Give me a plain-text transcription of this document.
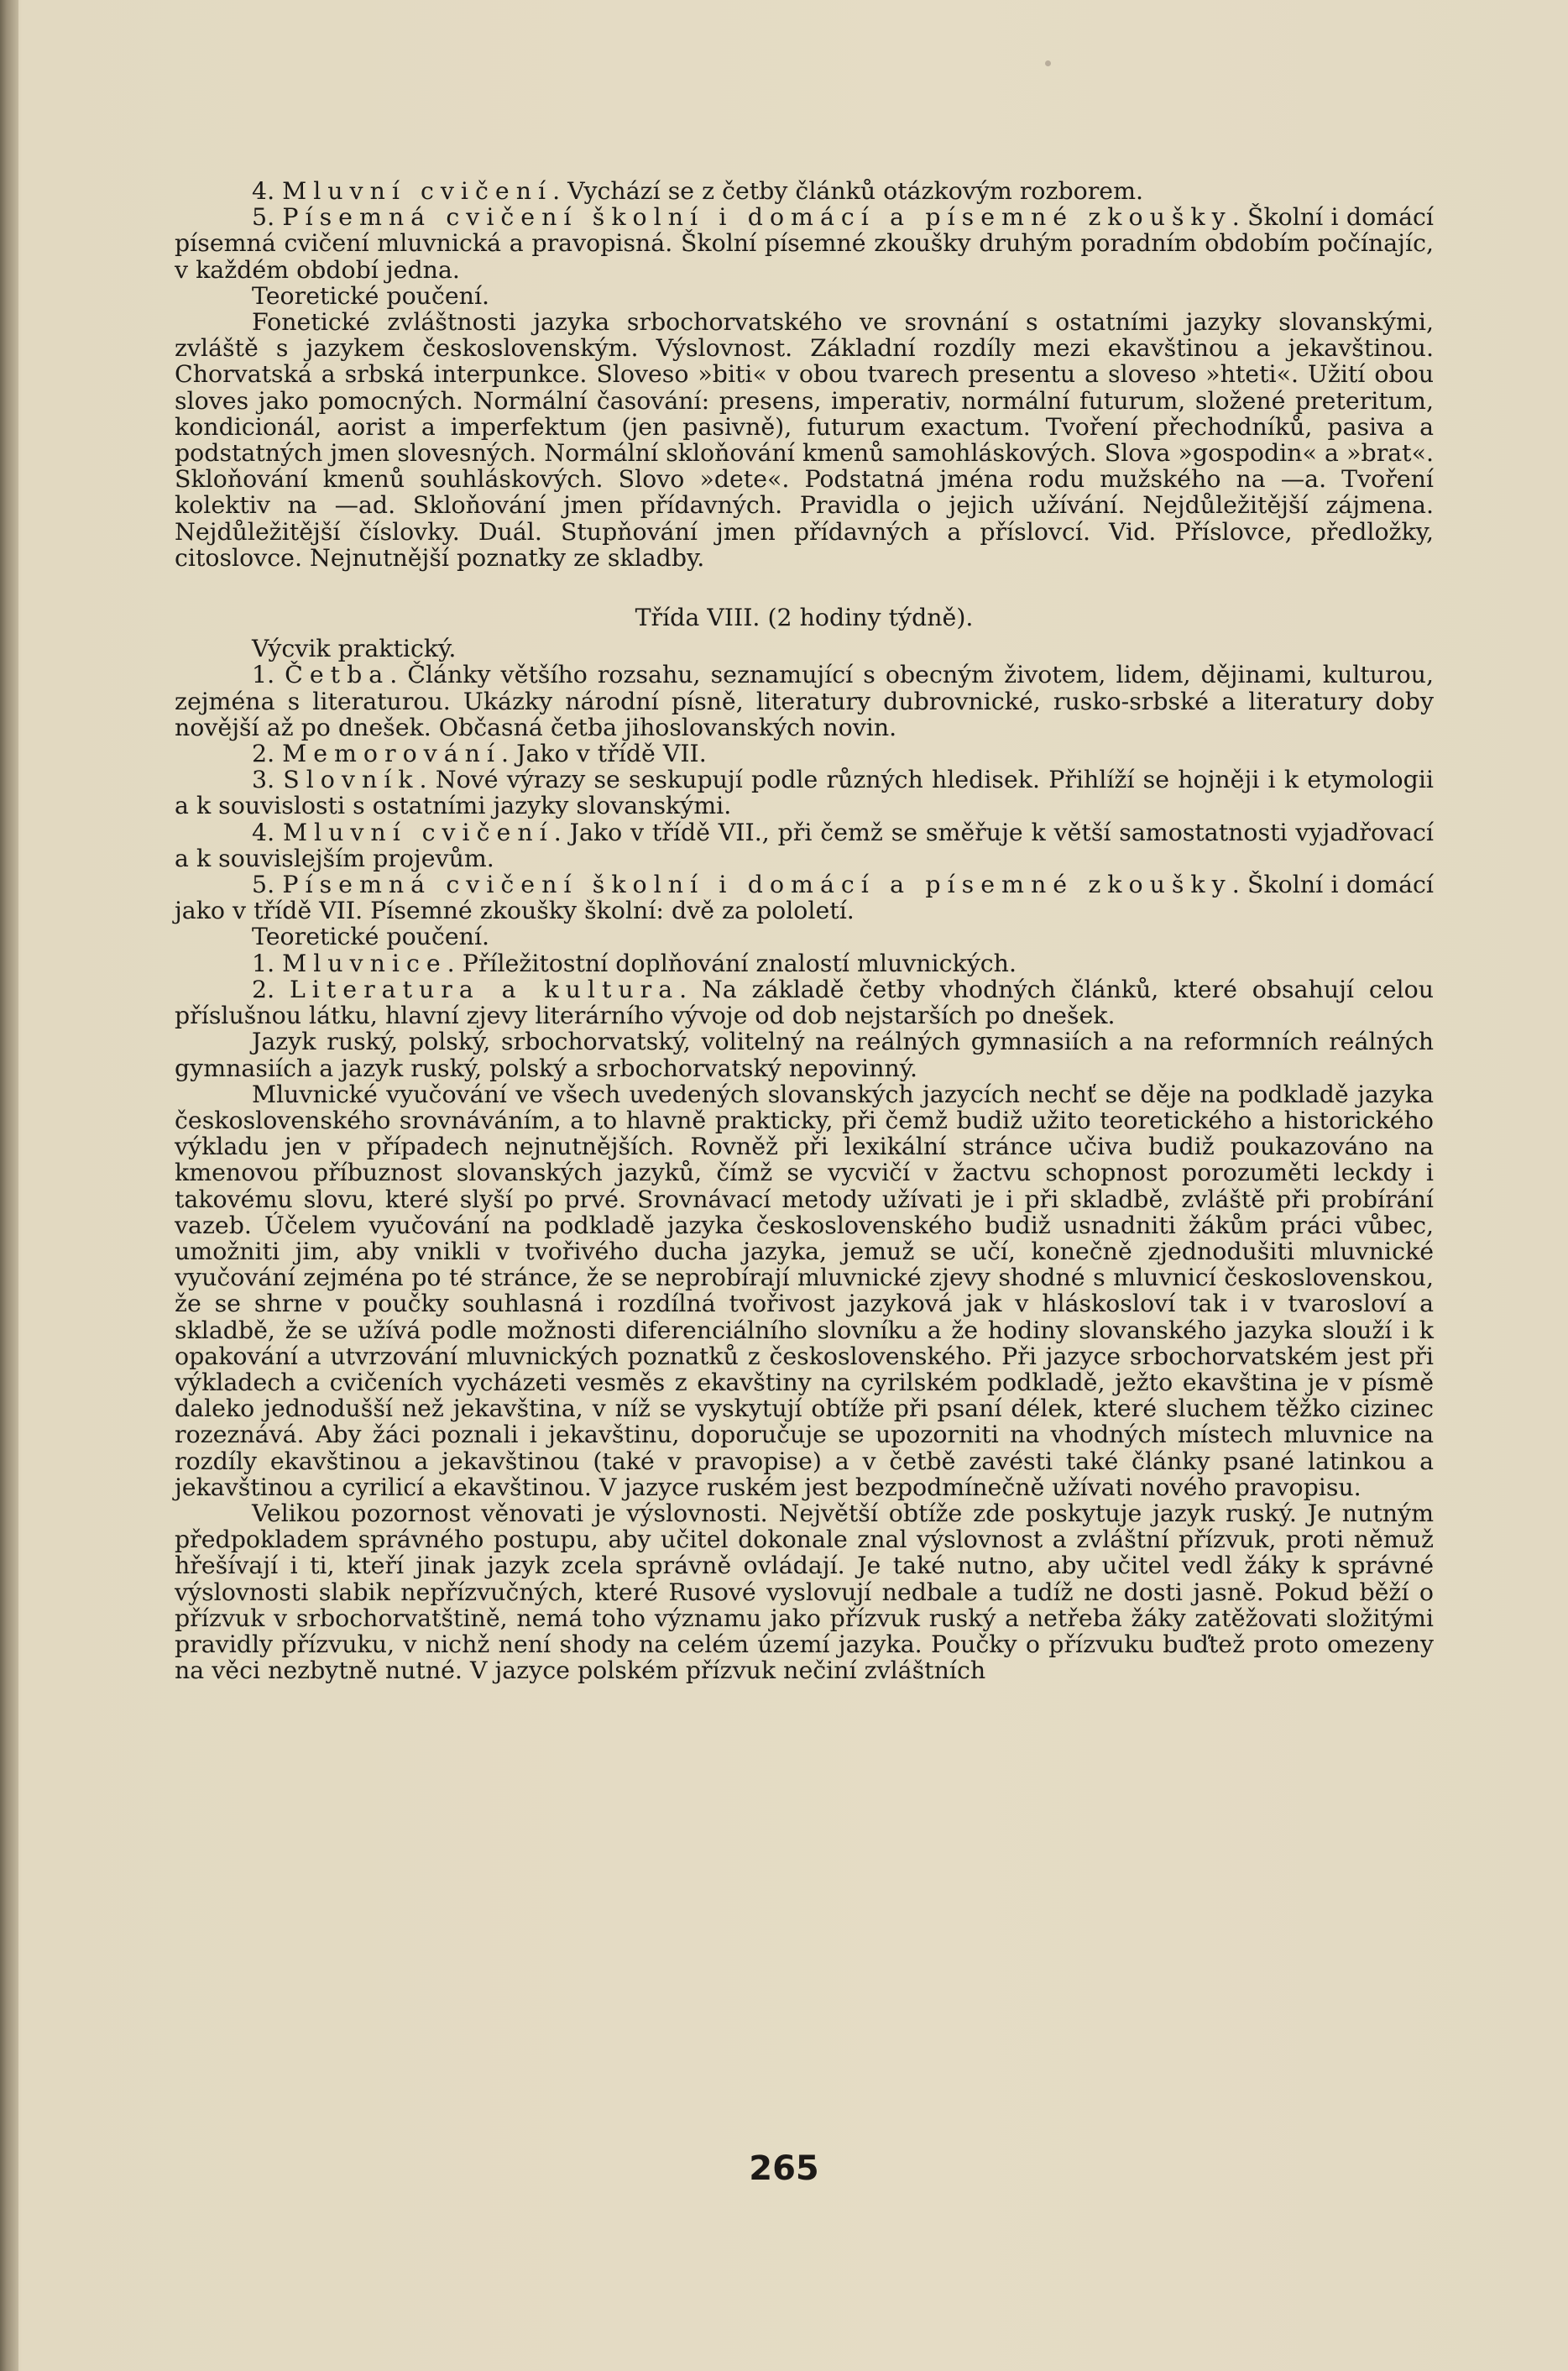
4. Mluvní cvičení. Vychází se z četby článků otázkovým rozborem.

5. Písemná cvičení školní i domácí a písemné zkoušky. Školní i domácí písemná cvičení mluvnická a pravopisná. Školní písemné zkoušky druhým poradním obdobím počínajíc, v každém období jedna.

Teoretické poučení.

Fonetické zvláštnosti jazyka srbochorvatského ve srovnání s ostatními jazyky slovanskými, zvláště s jazykem československým. Výslovnost. Základní rozdíly mezi ekavštinou a jekavštinou. Chorvatská a srbská interpunkce. Sloveso »biti« v obou tvarech presentu a sloveso »hteti«. Užití obou sloves jako pomocných. Normální časování: presens, imperativ, normální futurum, složené preteritum, kondicionál, aorist a imperfektum (jen pasivně), futurum exactum. Tvoření přechodníků, pasiva a podstatných jmen slovesných. Normální skloňování kmenů samohláskových. Slova »gospodin« a »brat«. Skloňování kmenů souhláskových. Slovo »dete«. Podstatná jména rodu mužského na —a. Tvoření kolektiv na —ad. Skloňování jmen přídavných. Pravidla o jejich užívání. Nejdůležitější zájmena. Nejdůležitější číslovky. Duál. Stupňování jmen přídavných a příslovcí. Vid. Příslovce, předložky, citoslovce. Nejnutnější poznatky ze skladby.

Třída VIII. (2 hodiny týdně).

Výcvik praktický.

1. Četba. Články většího rozsahu, seznamující s obecným životem, lidem, dějinami, kulturou, zejména s literaturou. Ukázky národní písně, literatury dubrovnické, rusko-srbské a literatury doby novější až po dnešek. Občasná četba jihoslovanských novin.

2. Memorování. Jako v třídě VII.

3. Slovník. Nové výrazy se seskupují podle různých hledisek. Přihlíží se hojněji i k etymologii a k souvislosti s ostatními jazyky slovanskými.

4. Mluvní cvičení. Jako v třídě VII., při čemž se směřuje k větší samostatnosti vyjadřovací a k souvislejším projevům.

5. Písemná cvičení školní i domácí a písemné zkoušky. Školní i domácí jako v třídě VII. Písemné zkoušky školní: dvě za pololetí.

Teoretické poučení.

1. Mluvnice. Příležitostní doplňování znalostí mluvnických.

2. Literatura a kultura. Na základě četby vhodných článků, které obsahují celou příslušnou látku, hlavní zjevy literárního vývoje od dob nejstarších po dnešek.

Jazyk ruský, polský, srbochorvatský, volitelný na reálných gymnasiích a na reformních reálných gymnasiích a jazyk ruský, polský a srbochorvatský nepovinný.

Mluvnické vyučování ve všech uvedených slovanských jazycích nechť se děje na podkladě jazyka československého srovnáváním, a to hlavně prakticky, při čemž budiž užito teoretického a historického výkladu jen v případech nejnutnějších. Rovněž při lexikální stránce učiva budiž poukazováno na kmenovou příbuznost slovanských jazyků, čímž se vycvičí v žactvu schopnost porozuměti leckdy i takovému slovu, které slyší po prvé. Srovnávací metody užívati je i při skladbě, zvláště při probírání vazeb. Účelem vyučování na podkladě jazyka československého budiž usnadniti žákům práci vůbec, umožniti jim, aby vnikli v tvořivého ducha jazyka, jemuž se učí, konečně zjednodušiti mluvnické vyučování zejména po té stránce, že se neprobírají mluvnické zjevy shodné s mluvnicí československou, že se shrne v poučky souhlasná i rozdílná tvořivost jazyková jak v hláskosloví tak i v tvarosloví a skladbě, že se užívá podle možnosti diferenciálního slovníku a že hodiny slovanského jazyka slouží i k opakování a utvrzování mluvnických poznatků z československého. Při jazyce srbochorvatském jest při výkladech a cvičeních vycházeti vesměs z ekavštiny na cyrilském podkladě, ježto ekavština je v písmě daleko jednodušší než jekavština, v níž se vyskytují obtíže při psaní délek, které sluchem těžko cizinec rozeznává. Aby žáci poznali i jekavštinu, doporučuje se upozorniti na vhodných místech mluvnice na rozdíly ekavštinou a jekavštinou (také v pravopise) a v četbě zavésti také články psané latinkou a jekavštinou a cyrilicí a ekavštinou. V jazyce ruském jest bezpodmínečně užívati nového pravopisu.

Velikou pozornost věnovati je výslovnosti. Největší obtíže zde poskytuje jazyk ruský. Je nutným předpokladem správného postupu, aby učitel dokonale znal výslovnost a zvláštní přízvuk, proti němuž hřešívají i ti, kteří jinak jazyk zcela správně ovládají. Je také nutno, aby učitel vedl žáky k správné výslovnosti slabik nepřízvučných, které Rusové vyslovují nedbale a tudíž ne dosti jasně. Pokud běží o přízvuk v srbochorvatštině, nemá toho významu jako přízvuk ruský a netřeba žáky zatěžovati složitými pravidly přízvuku, v nichž není shody na celém území jazyka. Poučky o přízvuku buďtež proto omezeny na věci nezbytně nutné. V jazyce polském přízvuk nečiní zvláštních

265
